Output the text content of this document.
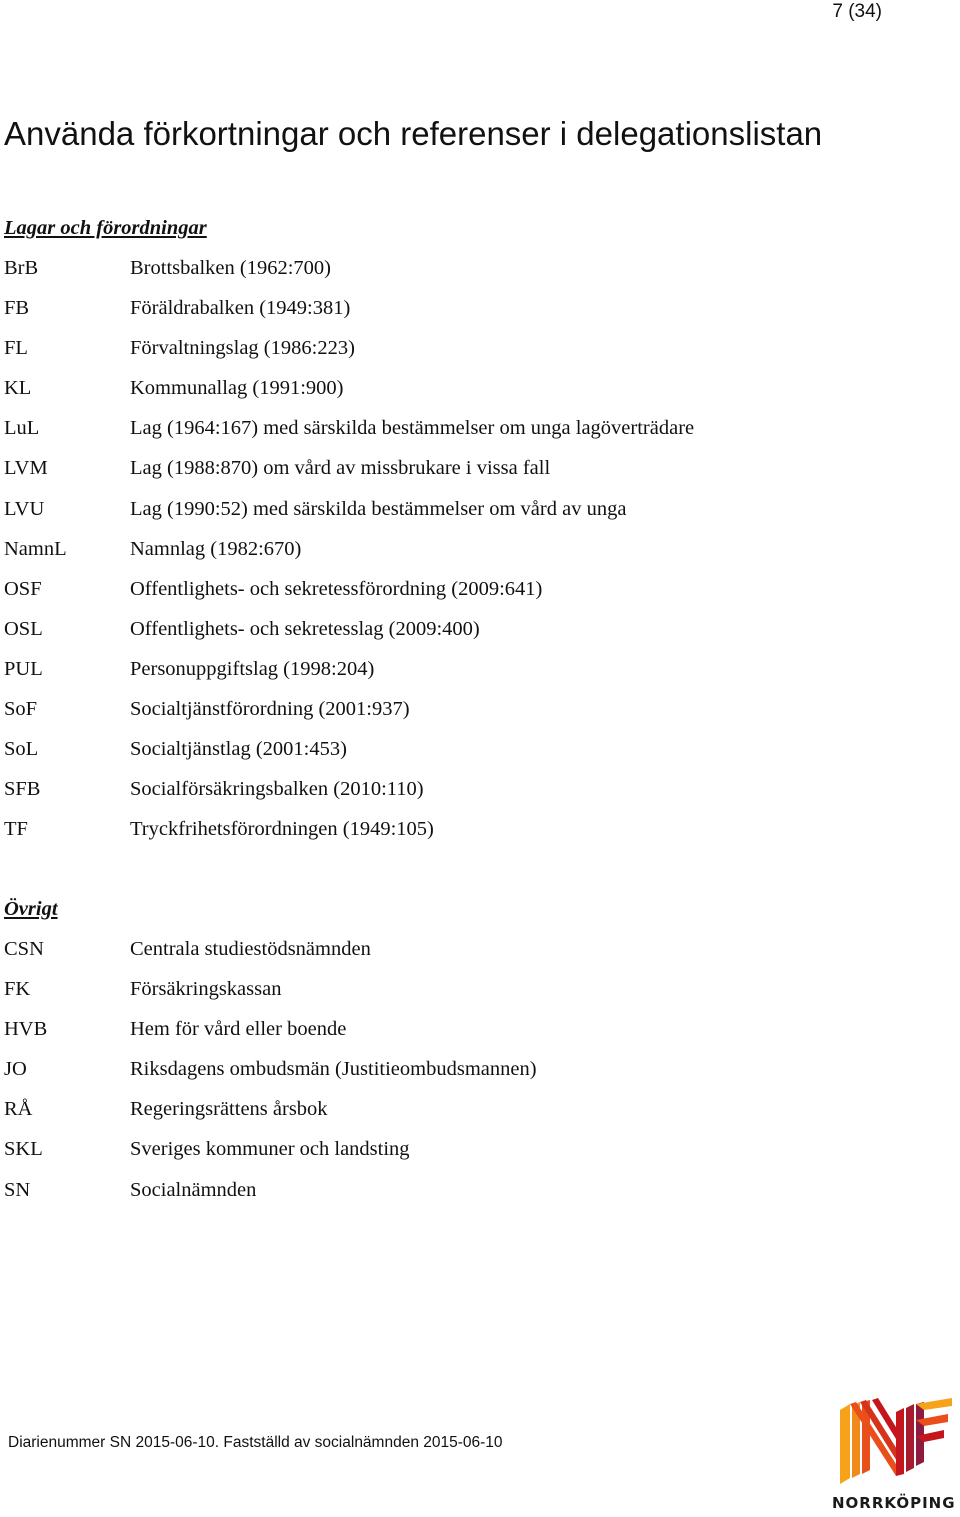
7 (34)
Använda förkortningar och referenser i delegationslistan
Lagar och förordningar
BrB	Brottsbalken (1962:700)
FB	Föräldrabalken (1949:381)
FL	Förvaltningslag (1986:223)
KL	Kommunallag (1991:900)
LuL	Lag (1964:167) med särskilda bestämmelser om unga lagöverträdare
LVM	Lag (1988:870) om vård av missbrukare i vissa fall
LVU	Lag (1990:52) med särskilda bestämmelser om vård av unga
NamnL	Namnlag (1982:670)
OSF	Offentlighets- och sekretessförordning (2009:641)
OSL	Offentlighets- och sekretesslag (2009:400)
PUL	Personuppgiftslag (1998:204)
SoF	Socialtjänstförordning (2001:937)
SoL	Socialtjänstlag (2001:453)
SFB	Socialförsäkringsbalken (2010:110)
TF	Tryckfrihetsförordningen (1949:105)
Övrigt
CSN	Centrala studiestödsnämnden
FK	Försäkringskassan
HVB	Hem för vård eller boende
JO	Riksdagens ombudsmän (Justitieombudsmannen)
RÅ	Regeringsrättens årsbok
SKL	Sveriges kommuner och landsting
SN	Socialnämnden
Diarienummer SN 2015-06-10. Fastställd av socialnämnden 2015-06-10
NORRKÖPING
